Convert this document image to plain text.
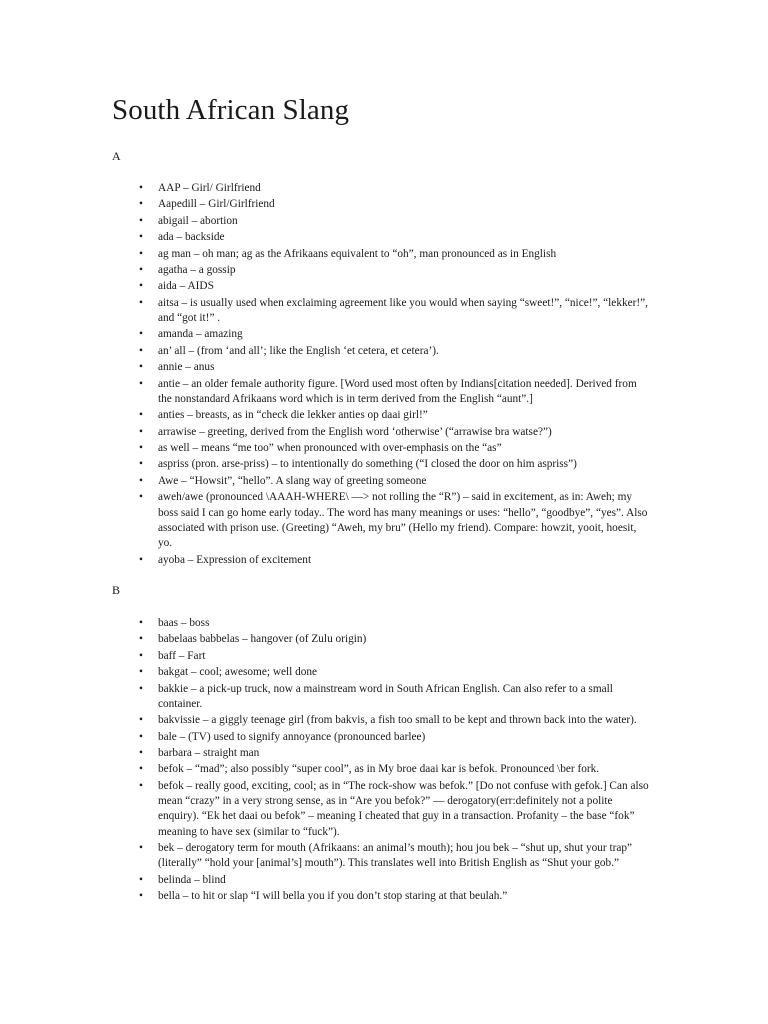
South African Slang
A
• AAP – Girl/ Girlfriend
• Aapedill – Girl/Girlfriend
• abigail – abortion
• ada – backside
• ag man – oh man; ag as the Afrikaans equivalent to “oh”, man pronounced as in English
• agatha – a gossip
• aida – AIDS
• aitsa – is usually used when exclaiming agreement like you would when saying “sweet!”, “nice!”, “lekker!”, and “got it!” .
• amanda – amazing
• an’ all – (from ‘and all’; like the English ‘et cetera, et cetera’).
• annie – anus
• antie – an older female authority figure. [Word used most often by Indians[citation needed]. Derived from the nonstandard Afrikaans word which is in term derived from the English “aunt”.]
• anties – breasts, as in “check die lekker anties op daai girl!”
• arrawise – greeting, derived from the English word ‘otherwise’ (“arrawise bra watse?”)
• as well – means “me too” when pronounced with over-emphasis on the “as”
• aspriss (pron. arse-priss) – to intentionally do something (“I closed the door on him aspriss”)
• Awe – “Howsit”, “hello”. A slang way of greeting someone
• aweh/awe (pronounced \AAAH-WHERE\ —> not rolling the “R”) – said in excitement, as in: Aweh; my boss said I can go home early today.. The word has many meanings or uses: “hello”, “goodbye”, “yes”. Also associated with prison use. (Greeting) “Aweh, my bru” (Hello my friend). Compare: howzit, yooit, hoesit, yo.
• ayoba – Expression of excitement
B
• baas – boss
• babelaas babbelas – hangover (of Zulu origin)
• baff – Fart
• bakgat – cool; awesome; well done
• bakkie – a pick-up truck, now a mainstream word in South African English. Can also refer to a small container.
• bakvissie – a giggly teenage girl (from bakvis, a fish too small to be kept and thrown back into the water).
• bale – (TV) used to signify annoyance (pronounced barlee)
• barbara – straight man
• befok – “mad”; also possibly “super cool”, as in My broe daai kar is befok. Pronounced \ber fork.
• befok – really good, exciting, cool; as in “The rock-show was befok.” [Do not confuse with gefok.] Can also mean “crazy” in a very strong sense, as in “Are you befok?” — derogatory(err:definitely not a polite enquiry). “Ek het daai ou befok” – meaning I cheated that guy in a transaction. Profanity – the base “fok” meaning to have sex (similar to “fuck”).
• bek – derogatory term for mouth (Afrikaans: an animal’s mouth); hou jou bek – “shut up, shut your trap” (literally” “hold your [animal’s] mouth”). This translates well into British English as “Shut your gob.”
• belinda – blind
• bella – to hit or slap “I will bella you if you don’t stop staring at that beulah.”
